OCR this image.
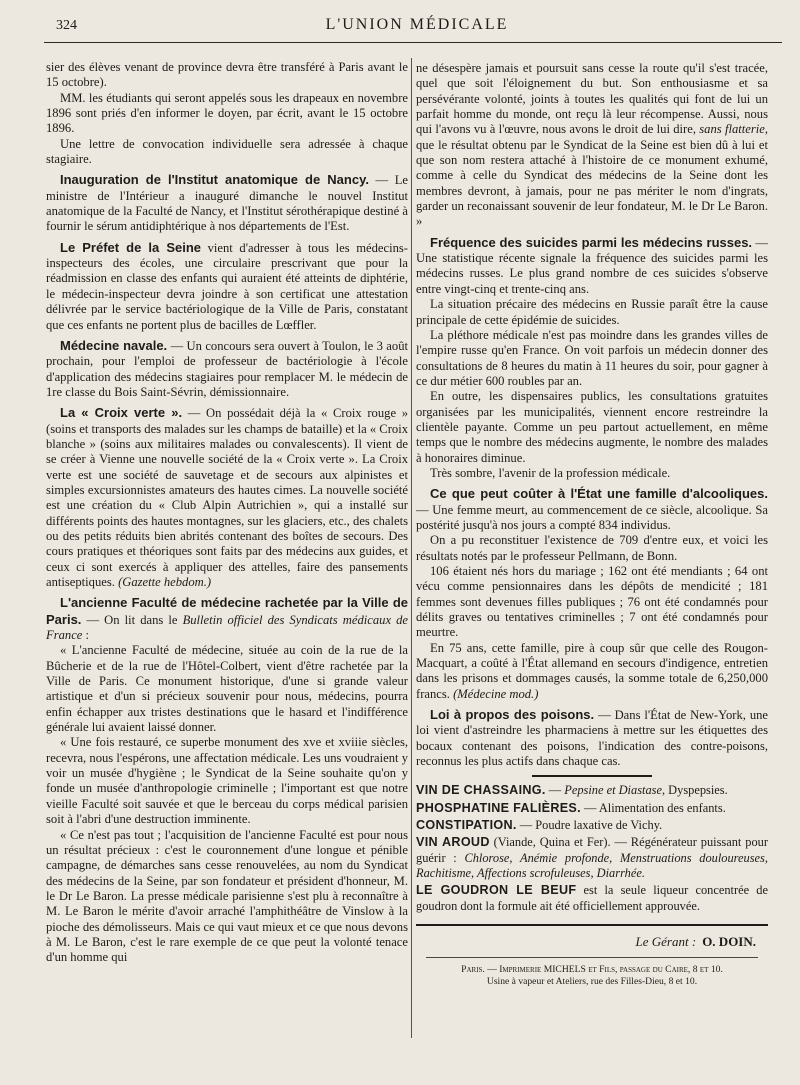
324	L'UNION MÉDICALE

sier des élèves venant de province devra être transféré à Paris avant le 15 octobre).

MM. les étudiants qui seront appelés sous les drapeaux en novembre 1896 sont priés d'en informer le doyen, par écrit, avant le 15 octobre 1896.

Une lettre de convocation individuelle sera adressée à chaque stagiaire.

Inauguration de l'Institut anatomique de Nancy. — Le ministre de l'Intérieur a inauguré dimanche le nouvel Institut anatomique de la Faculté de Nancy, et l'Institut sérothérapique destiné à fournir le sérum antidiphtérique à nos départements de l'Est.

Le Préfet de la Seine vient d'adresser à tous les médecins-inspecteurs des écoles, une circulaire prescrivant que pour la réadmission en classe des enfants qui auraient été atteints de diphtérie, le médecin-inspecteur devra joindre à son certificat une attestation délivrée par le service bactériologique de la Ville de Paris, constatant que ces enfants ne portent plus de bacilles de Lœffler.

Médecine navale. — Un concours sera ouvert à Toulon, le 3 août prochain, pour l'emploi de professeur de bactériologie à l'école d'application des médecins stagiaires pour remplacer M. le médecin de 1re classe du Bois Saint-Sévrin, démissionnaire.

La « Croix verte ». — On possédait déjà la « Croix rouge » (soins et transports des malades sur les champs de bataille) et la « Croix blanche » (soins aux militaires malades ou convalescents). Il vient de se créer à Vienne une nouvelle société de la « Croix verte ». La Croix verte est une société de sauvetage et de secours aux alpinistes et simples excursionnistes amateurs des hautes cimes. La nouvelle société est une création du « Club Alpin Autrichien », qui a installé sur différents points des hautes montagnes, sur les glaciers, etc., des chalets ou des petits réduits bien abrités contenant des boîtes de secours. Des cours pratiques et théoriques sont faits par des médecins aux guides, et ceux ci sont exercés à appliquer des attelles, faire des pansements antiseptiques. (Gazette hebdom.)

L'ancienne Faculté de médecine rachetée par la Ville de Paris. — On lit dans le Bulletin officiel des Syndicats médicaux de France :

« L'ancienne Faculté de médecine, située au coin de la rue de la Bûcherie et de la rue de l'Hôtel-Colbert, vient d'être rachetée par la Ville de Paris. Ce monument historique, d'une si grande valeur artistique et d'un si précieux souvenir pour nous, médecins, pourra enfin échapper aux tristes destinations que le hasard et l'indifférence générale lui avaient laissé donner.

« Une fois restauré, ce superbe monument des xve et xviiie siècles, recevra, nous l'espérons, une affectation médicale. Les uns voudraient y voir un musée d'hygiène ; le Syndicat de la Seine souhaite qu'on y fonde un musée d'anthropologie criminelle ; l'important est que notre vieille Faculté soit sauvée et que le berceau du corps médical parisien soit à l'abri d'une destruction imminente.

« Ce n'est pas tout ; l'acquisition de l'ancienne Faculté est pour nous un résultat précieux : c'est le couronnement d'une longue et pénible campagne, de démarches sans cesse renouvelées, au nom du Syndicat des médecins de la Seine, par son fondateur et président d'honneur, M. le Dr Le Baron. La presse médicale parisienne s'est plu à reconnaître à M. Le Baron le mérite d'avoir arraché l'amphithéâtre de Vinslow à la pioche des démolisseurs. Mais ce qui vaut mieux et ce que nous devons à M. Le Baron, c'est le rare exemple de ce que peut la volonté tenace d'un homme qui

ne désespère jamais et poursuit sans cesse la route qu'il s'est tracée, quel que soit l'éloignement du but. Son enthousiasme et sa persévérante volonté, joints à toutes les qualités qui font de lui un parfait homme du monde, ont reçu là leur récompense. Aussi, nous qui l'avons vu à l'œuvre, nous avons le droit de lui dire, sans flatterie, que le résultat obtenu par le Syndicat de la Seine est bien dû à lui et que son nom restera attaché à l'histoire de ce monument exhumé, comme à celle du Syndicat des médecins de la Seine dont les membres devront, à jamais, pour ne pas mériter le nom d'ingrats, garder un reconaissant souvenir de leur fondateur, M. le Dr Le Baron. »

Fréquence des suicides parmi les médecins russes. — Une statistique récente signale la fréquence des suicides parmi les médecins russes. Le plus grand nombre de ces suicides s'observe entre vingt-cinq et trente-cinq ans.

La situation précaire des médecins en Russie paraît être la cause principale de cette épidémie de suicides.

La pléthore médicale n'est pas moindre dans les grandes villes de l'empire russe qu'en France. On voit parfois un médecin donner des consultations de 8 heures du matin à 11 heures du soir, pour gagner à ce dur métier 600 roubles par an.

En outre, les dispensaires publics, les consultations gratuites organisées par les municipalités, viennent encore restreindre la clientèle payante. Comme un peu partout actuellement, en même temps que le nombre des médecins augmente, le nombre des malades à honoraires diminue.

Très sombre, l'avenir de la profession médicale.

Ce que peut coûter à l'État une famille d'alcooliques. — Une femme meurt, au commencement de ce siècle, alcoolique. Sa postérité jusqu'à nos jours a compté 834 individus.

On a pu reconstituer l'existence de 709 d'entre eux, et voici les résultats notés par le professeur Pellmann, de Bonn.

106 étaient nés hors du mariage ; 162 ont été mendiants ; 64 ont vécu comme pensionnaires dans les dépôts de mendicité ; 181 femmes sont devenues filles publiques ; 76 ont été condamnés pour délits graves ou tentatives criminelles ; 7 ont été condamnés pour meurtre.

En 75 ans, cette famille, pire à coup sûr que celle des Rougon-Macquart, a coûté à l'État allemand en secours d'indigence, entretien dans les prisons et dommages causés, la somme totale de 6,250,000 francs. (Médecine mod.)

Loi à propos des poisons. — Dans l'État de New-York, une loi vient d'astreindre les pharmaciens à mettre sur les étiquettes des bocaux contenant des poisons, l'indication des contre-poisons, reconnus les plus actifs dans chaque cas.

VIN DE CHASSAING. — Pepsine et Diastase, Dyspepsies.

PHOSPHATINE FALIÈRES. — Alimentation des enfants.

CONSTIPATION. — Poudre laxative de Vichy.

VIN AROUD (Viande, Quina et Fer). — Régénérateur puissant pour guérir : Chlorose, Anémie profonde, Menstruations douloureuses, Rachitisme, Affections scrofuleuses, Diarrhée.

LE GOUDRON LE BEUF est la seule liqueur concentrée de goudron dont la formule ait été officiellement approuvée.

Le Gérant : O. DOIN.

Paris. — Imprimerie MICHELS et Fils, passage du Caire, 8 et 10.

Usine à vapeur et Ateliers, rue des Filles-Dieu, 8 et 10.
